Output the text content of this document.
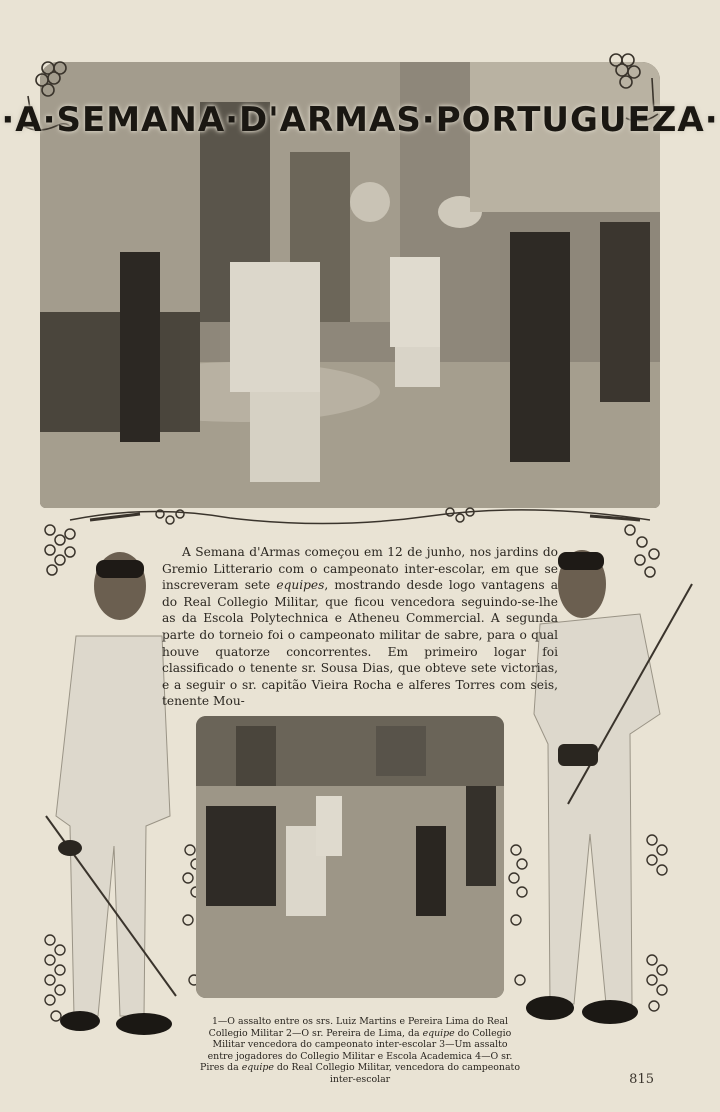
·A·SEMANA·D'ARMAS·PORTUGUEZA·

A Semana d'Armas começou em 12 de junho, nos jardins do Gremio Litterario com o campeonato inter-escolar, em que se inscreveram sete equipes, mostrando desde logo vantagens a do Real Collegio Militar, que ficou vencedora seguindo-se-lhe as da Escola Polytechnica e Atheneu Commercial. A segunda parte do torneio foi o campeonato militar de sabre, para o qual houve quatorze concorrentes. Em primeiro logar foi classificado o tenente sr. Sousa Dias, que obteve sete victorias, e a seguir o sr. capitão Vieira Rocha e alferes Torres com seis, tenente Mou-

1—O assalto entre os srs. Luiz Martins e Pereira Lima do Real Collegio Militar 2—O sr. Pereira de Lima, da equipe do Collegio Militar vencedora do campeonato inter-escolar 3—Um assalto entre jogadores do Collegio Militar e Escola Academica 4—O sr. Pires da equipe do Real Collegio Militar, vencedora do campeonato inter-escolar	815
